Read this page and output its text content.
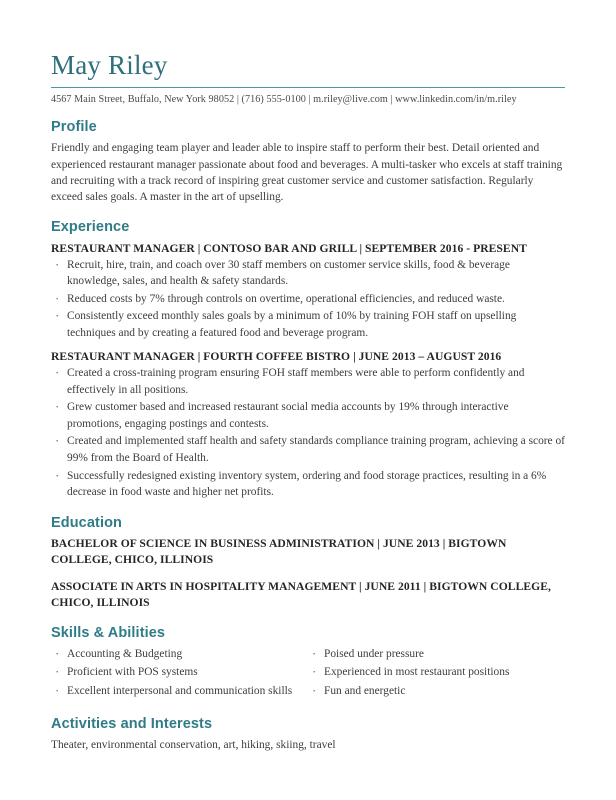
May Riley
4567 Main Street, Buffalo, New York 98052 | (716) 555-0100 | m.riley@live.com | www.linkedin.com/in/m.riley
Profile

Friendly and engaging team player and leader able to inspire staff to perform their best. Detail oriented and experienced restaurant manager passionate about food and beverages. A multi-tasker who excels at staff training and recruiting with a track record of inspiring great customer service and customer satisfaction. Regularly exceed sales goals. A master in the art of upselling.

Experience
RESTAURANT MANAGER | CONTOSO BAR AND GRILL | SEPTEMBER 2016 - PRESENT
· Recruit, hire, train, and coach over 30 staff members on customer service skills, food & beverage knowledge, sales, and health & safety standards.
· Reduced costs by 7% through controls on overtime, operational efficiencies, and reduced waste.
· Consistently exceed monthly sales goals by a minimum of 10% by training FOH staff on upselling techniques and by creating a featured food and beverage program.
RESTAURANT MANAGER | FOURTH COFFEE BISTRO | JUNE 2013 – AUGUST 2016
· Created a cross-training program ensuring FOH staff members were able to perform confidently and effectively in all positions.
· Grew customer based and increased restaurant social media accounts by 19% through interactive promotions, engaging postings and contests.
· Created and implemented staff health and safety standards compliance training program, achieving a score of 99% from the Board of Health.
· Successfully redesigned existing inventory system, ordering and food storage practices, resulting in a 6% decrease in food waste and higher net profits.
Education
BACHELOR OF SCIENCE IN BUSINESS ADMINISTRATION | JUNE 2013 | BIGTOWN COLLEGE, CHICO, ILLINOIS
ASSOCIATE IN ARTS IN HOSPITALITY MANAGEMENT | JUNE 2011 | BIGTOWN COLLEGE, CHICO, ILLINOIS
Skills & Abilities
· Accounting & Budgeting
· Proficient with POS systems
· Excellent interpersonal and communication skills
· Poised under pressure
· Experienced in most restaurant positions
· Fun and energetic
Activities and Interests

Theater, environmental conservation, art, hiking, skiing, travel
